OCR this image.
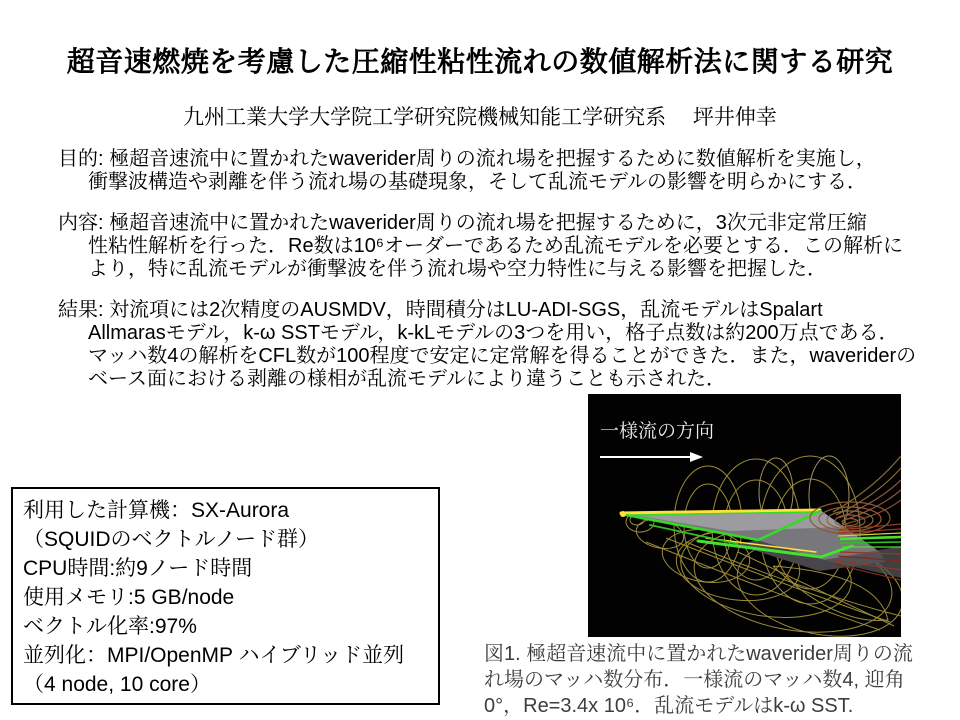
超音速燃焼を考慮した圧縮性粘性流れの数値解析法に関する研究
九州工業大学大学院工学研究院機械知能工学研究系　 坪井伸幸

目的: 極超音速流中に置かれたwaverider周りの流れ場を把握するために数値解析を実施し，
衝撃波構造や剥離を伴う流れ場の基礎現象，そして乱流モデルの影響を明らかにする．

内容: 極超音速流中に置かれたwaverider周りの流れ場を把握するために，3次元非定常圧縮
性粘性解析を行った．Re数は10⁶オーダーであるため乱流モデルを必要とする．この解析に
より，特に乱流モデルが衝撃波を伴う流れ場や空力特性に与える影響を把握した．

結果: 対流項には2次精度のAUSMDV，時間積分はLU-ADI-SGS，乱流モデルはSpalart
Allmarasモデル，k-ω SSTモデル，k-kLモデルの3つを用い，格子点数は約200万点である．
マッハ数4の解析をCFL数が100程度で安定に定常解を得ることができた．また，waveriderの
ベース面における剥離の様相が乱流モデルにより違うことも示された．

利用した計算機：SX-Aurora
（SQUIDのベクトルノード群）
CPU時間:約9ノード時間
使用メモリ:5 GB/node
ベクトル化率:97%
並列化：MPI/OpenMP ハイブリッド並列
（4 node, 10 core）
一様流の方向
図1. 極超音速流中に置かれたwaverider周りの流
れ場のマッハ数分布．一様流のマッハ数4, 迎角
0°，Re=3.4x 10⁶．乱流モデルはk-ω SST.
